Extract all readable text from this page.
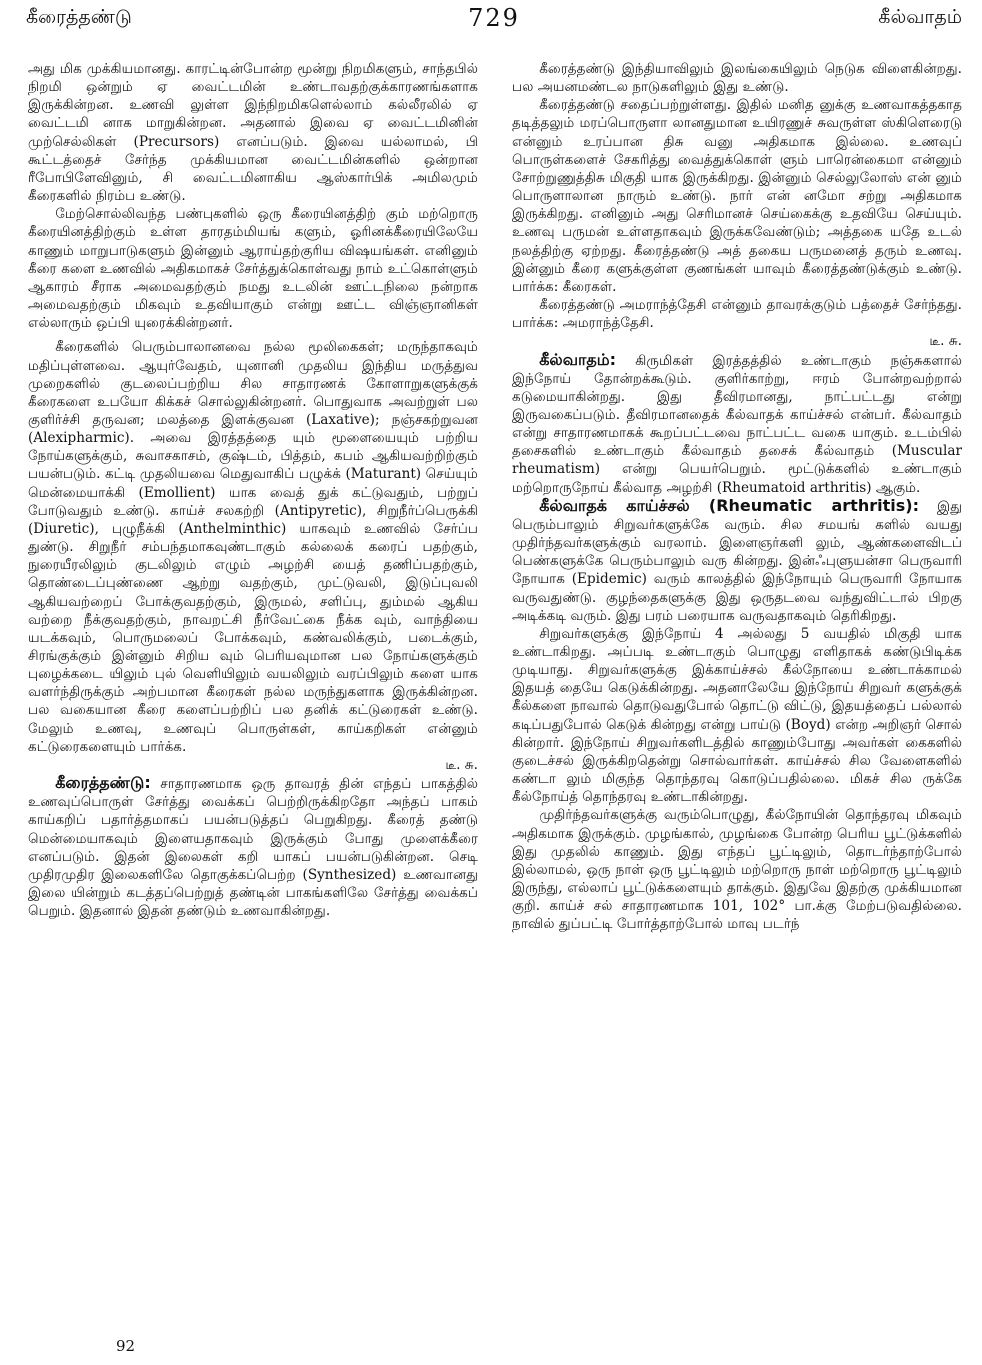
கீரைத்தண்டு	729	கீல்வாதம்

அது மிக முக்கியமானது. காரட்டின்போன்ற மூன்று நிறமிகளும், சாந்தபில் நிறமி ஒன்றும் ஏ வைட்டமின் உண்டாவதற்குக்காரணங்களாக இருக்கின்றன. உணவி லுள்ள இந்நிறமிகளெல்லாம் கல்லீரலில் ஏ வைட்டமி னாக மாறுகின்றன. அதனால் இவை ஏ வைட்டமினின் முற்செல்லிகள் (Precursors) எனப்படும். இவை யல்லாமல், பி கூட்டத்தைச் சேர்ந்த முக்கியமான வைட்டமின்களில் ஒன்றான ரீபோபிளேவினும், சி வைட்டமினாகிய ஆஸ்கார்பிக் அமிலமும் கீரைகளில் நிரம்ப உண்டு.

மேற்சொல்லிவந்த பண்புகளில் ஒரு கீரையினத்திற் கும் மற்றொரு கீரையினத்திற்கும் உள்ள தாரதம்மியங் களும், ஓரினக்கீரையிலேயே காணும் மாறுபாடுகளும் இன்னும் ஆராய்தற்குரிய விஷயங்கள். எனினும் கீரை களை உணவில் அதிகமாகச் சேர்த்துக்கொள்வது நாம் உட்கொள்ளும் ஆகாரம் சீராக அமைவதற்கும் நமது உடலின் ஊட்டநிலை நன்றாக அமைவதற்கும் மிகவும் உதவியாகும் என்று ஊட்ட விஞ்ஞானிகள் எல்லாரும் ஒப்பி யுரைக்கின்றனர்.

கீரைகளில் பெரும்பாலானவை நல்ல மூலிகைகள்; மருந்தாகவும் மதிப்புள்ளவை. ஆயுர்வேதம், யுனானி முதலிய இந்திய மருத்துவ முறைகளில் குடலைப்பற்றிய சில சாதாரணக் கோளாறுகளுக்குக் கீரைகளை உபயோ கிக்கச் சொல்லுகின்றனர். பொதுவாக அவற்றுள் பல குளிர்ச்சி தருவன; மலத்தை இளக்குவன (Laxative); நஞ்சகற்றுவன (Alexipharmic). அவை இரத்தத்தை யும் மூளையையும் பற்றிய நோய்களுக்கும், சுவாசகாசம், குஷ்டம், பித்தம், கபம் ஆகியவற்றிற்கும் பயன்படும். கட்டி முதலியவை மெதுவாகிப் பழுக்க் (Maturant) செய்யும் மென்மையாக்கி (Emollient) யாக வைத் துக் கட்டுவதும், பற்றுப் போடுவதும் உண்டு. காய்ச் சலகற்றி (Antipyretic), சிறுநீர்ப்பெருக்கி (Diuretic), புழுநீக்கி (Anthelminthic) யாகவும் உணவில் சேர்ப்ப துண்டு. சிறுநீர் சம்பந்தமாகவுண்டாகும் கல்லைக் கரைப் பதற்கும், நுரையீரலிலும் குடலிலும் எழும் அழற்சி யைத் தணிப்பதற்கும், தொண்டைப்புண்ணை ஆற்று வதற்கும், முட்டுவலி, இடுப்புவலி ஆகியவற்றைப் போக்குவதற்கும், இருமல், சளிப்பு, தும்மல் ஆகிய வற்றை நீக்குவதற்கும், நாவறட்சி நீர்வேட்கை நீக்க வும், வாந்தியை யடக்கவும், பொருமலைப் போக்கவும், கண்வலிக்கும், படைக்கும், சிரங்குக்கும் இன்னும் சிறிய வும் பெரியவுமான பல நோய்களுக்கும் புழைக்கடை யிலும் புல் வெளியிலும் வயலிலும் வரப்பிலும் களை யாக வளர்ந்திருக்கும் அற்பமான கீரைகள் நல்ல மருந்துகளாக இருக்கின்றன. பல வகையான கீரை களைப்பற்றிப் பல தனிக் கட்டுரைகள் உண்டு. மேலும் உணவு, உணவுப் பொருள்கள், காய்கறிகள் என்னும் கட்டுரைகளையும் பார்க்க.

டீ. சு.

கீரைத்தண்டு: சாதாரணமாக ஒரு தாவரத் தின் எந்தப் பாகத்தில் உணவுப்பொருள் சேர்த்து வைக்கப் பெற்றிருக்கிறதோ அந்தப் பாகம் காய்கறிப் பதார்த்தமாகப் பயன்படுத்தப் பெறுகிறது. கீரைத் தண்டு மென்மையாகவும் இளையதாகவும் இருக்கும் போது முளைக்கீரை எனப்படும். இதன் இலைகள் கறி யாகப் பயன்படுகின்றன. செடி முதிரமுதிர இலைகளிலே தொகுக்கப்பெற்ற (Synthesized) உணவானது இலை யின்றும் கடத்தப்பெற்றுத் தண்டின் பாகங்களிலே சேர்த்து வைக்கப் பெறும். இதனால் இதன் தண்டும் உணவாகின்றது.

கீரைத்தண்டு இந்தியாவிலும் இலங்கையிலும் நெடுக விளைகின்றது. பல அயனமண்டல நாடுகளிலும் இது உண்டு.

கீரைத்தண்டு சதைப்பற்றுள்ளது. இதில் மனித னுக்கு உணவாகத்தகாத தடித்தலும் மரப்பொருளா லானதுமான உயிரணுச் சுவருள்ள ஸ்கிளெரைடு என்னும் உரப்பான திசு வனு அதிகமாக இல்லை. உணவுப் பொருள்களைச் சேகரித்து வைத்துக்கொள் ளும் பாரென்கைமா என்னும் சோற்றுணுத்திசு மிகுதி யாக இருக்கிறது. இன்னும் செல்லுலோஸ் என் னும் பொருளாலான நாரும் உண்டு. நார் என் னமோ சற்று அதிகமாக இருக்கிறது. எனினும் அது செரிமானச் செய்கைக்கு உதவியே செய்யும். உணவு பருமன் உள்ளதாகவும் இருக்கவேண்டும்; அத்தகை யதே உடல் நலத்திற்கு ஏற்றது. கீரைத்தண்டு அத் தகைய பருமனைத் தரும் உணவு. இன்னும் கீரை களுக்குள்ள குணங்கள் யாவும் கீரைத்தண்டுக்கும் உண்டு. பார்க்க: கீரைகள்.

கீரைத்தண்டு அமராந்த்தேசி என்னும் தாவரக்குடும் பத்தைச் சேர்ந்தது. பார்க்க: அமராந்த்தேசி.

டீ. சு.

கீல்வாதம்: கிருமிகள் இரத்தத்தில் உண்டாகும் நஞ்சுகளால் இந்நோய் தோன்றக்கூடும். குளிர்காற்று, ஈரம் போன்றவற்றால் கடுமையாகின்றது. இது தீவிரமானது, நாட்பட்டது என்று இருவகைப்படும். தீவிரமானதைக் கீல்வாதக் காய்ச்சல் என்பர். கீல்வாதம் என்று சாதாரணமாகக் கூறப்பட்டவை நாட்பட்ட வகை யாகும். உடம்பில் தசைகளில் உண்டாகும் கீல்வாதம் தசைக் கீல்வாதம் (Muscular rheumatism) என்று பெயர்பெறும். மூட்டுக்களில் உண்டாகும் மற்றொருநோய் கீல்வாத அழற்சி (Rheumatoid arthritis) ஆகும்.

கீல்வாதக் காய்ச்சல் (Rheumatic arthritis): இது பெரும்பாலும் சிறுவர்களுக்கே வரும். சில சமயங் களில் வயது முதிர்ந்தவர்களுக்கும் வரலாம். இளைஞர்களி லும், ஆண்களைவிடப் பெண்களுக்கே பெரும்பாலும் வரு கின்றது. இன்ஃபுளுயன்சா பெருவாரி நோயாக (Epidemic) வரும் காலத்தில் இந்நோயும் பெருவாரி நோயாக வருவதுண்டு. குழந்தைகளுக்கு இது ஒருதடவை வந்துவிட்டால் பிறகு அடிக்கடி வரும். இது பரம் பரையாக வருவதாகவும் தெரிகிறது.

சிறுவர்களுக்கு இந்நோய் 4 அல்லது 5 வயதில் மிகுதி யாக உண்டாகிறது. அப்படி உண்டாகும் பொழுது எளிதாகக் கண்டுபிடிக்க முடியாது. சிறுவர்களுக்கு இக்காய்ச்சல் கீல்நோயை உண்டாக்காமல் இதயத் தையே கெடுக்கின்றது. அதனாலேயே இந்நோய் சிறுவர் களுக்குக் கீல்களை நாவால் தொடுவதுபோல் தொட்டு விட்டு, இதயத்தைப் பல்லால் கடிப்பதுபோல் கெடுக் கின்றது என்று பாய்டு (Boyd) என்ற அறிஞர் சொல் கின்றார். இந்நோய் சிறுவர்களிடத்தில் காணும்போது அவர்கள் கைகளில் குடைச்சல் இருக்கிறதென்று சொல்வார்கள். காய்ச்சல் சில வேளைகளில் கண்டா லும் மிகுந்த தொந்தரவு கொடுப்பதில்லை. மிகச் சில ருக்கே கீல்நோய்த் தொந்தரவு உண்டாகின்றது.

முதிர்ந்தவர்களுக்கு வரும்பொழுது, கீல்நோயின் தொந்தரவு மிகவும் அதிகமாக இருக்கும். முழங்கால், முழங்கை போன்ற பெரிய பூட்டுக்களில் இது முதலில் காணும். இது எந்தப் பூட்டிலும், தொடர்ந்தாற்போல் இல்லாமல், ஒரு நாள் ஒரு பூட்டிலும் மற்றொரு நாள் மற்றொரு பூட்டிலும் இருந்து, எல்லாப் பூட்டுக்களையும் தாக்கும். இதுவே இதற்கு முக்கியமான குறி. காய்ச் சல் சாதாரணமாக 101, 102° பா.க்கு மேற்படுவதில்லை. நாவில் துப்பட்டி போர்த்தாற்போல் மாவு படர்ந்

92
